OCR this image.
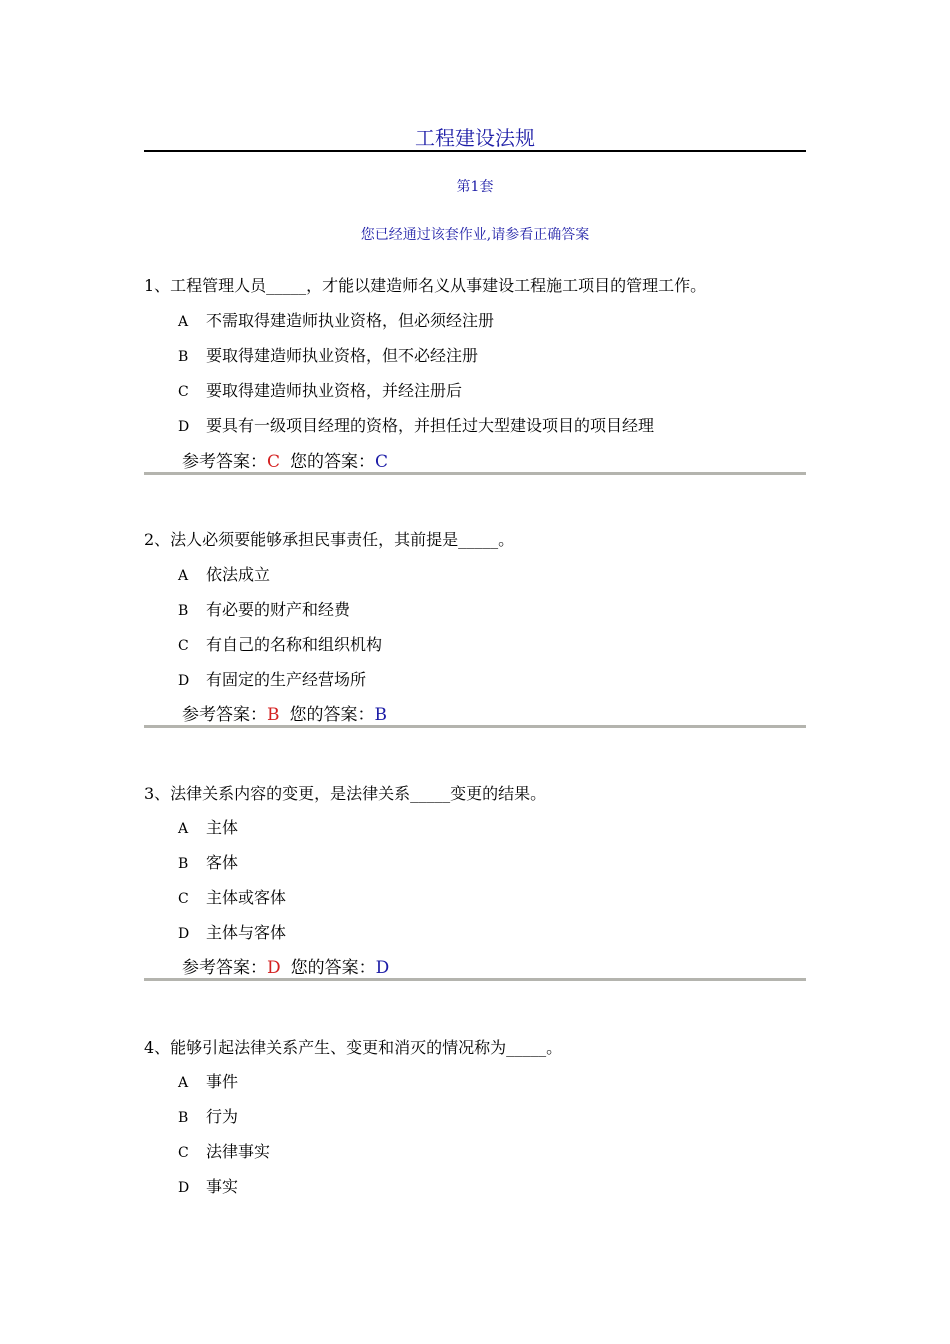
工程建设法规
第1套
您已经通过该套作业,请参看正确答案
1、工程管理人员_____，才能以建造师名义从事建设工程施工项目的管理工作。
A 不需取得建造师执业资格，但必须经注册
B 要取得建造师执业资格，但不必经注册
C 要取得建造师执业资格，并经注册后
D 要具有一级项目经理的资格，并担任过大型建设项目的项目经理
参考答案：C 您的答案：C
2、法人必须要能够承担民事责任，其前提是_____。
A 依法成立
B 有必要的财产和经费
C 有自己的名称和组织机构
D 有固定的生产经营场所
参考答案：B 您的答案：B
3、法律关系内容的变更，是法律关系_____变更的结果。
A 主体
B 客体
C 主体或客体
D 主体与客体
参考答案：D 您的答案：D
4、能够引起法律关系产生、变更和消灭的情况称为_____。
A 事件
B 行为
C 法律事实
D 事实
